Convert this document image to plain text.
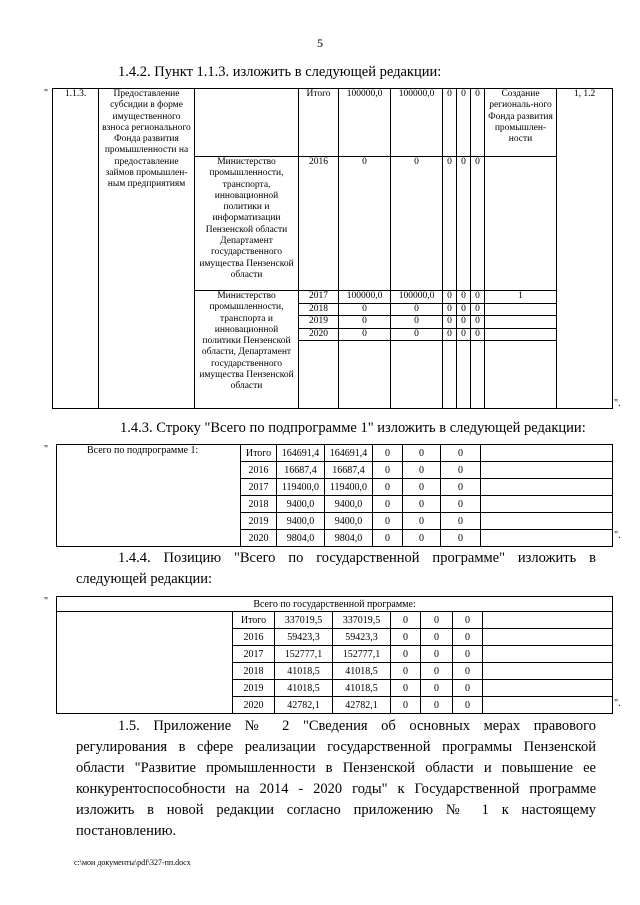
5
1.4.2. Пункт 1.1.3. изложить в следующей редакции:
" 1.1.3.	Предоставление субсидии в форме имущественного взноса регионального Фонда развития промышленности на предоставление займов промышлен-ным предприятиям		Итого	100000,0	100000,0	0	0	0	Создание региональ-ного Фонда развития промышлен-ности	1, 1.2
		Министерство промышленности, транспорта, инновационной политики и информатизации Пензенской области Департамент государственного имущества Пензенской области	2016	0	0	0	0	0		
		Министерство промышленности, транспорта и инновационной политики Пензенской области, Департамент государственного имущества Пензенской области	2017	100000,0	100000,0	0	0	0	1	
			2018	0	0	0	0	0		
			2019	0	0	0	0	0		
			2020	0	0	0	0	0		

".
1.4.3. Строку "Всего по подпрограмме 1" изложить в следующей редакции:
"	Всего по подпрограмме 1:	Итого	164691,4	164691,4	0	0	0	
	2016	16687,4	16687,4	0	0	0	
	2017	119400,0	119400,0	0	0	0	
	2018	9400,0	9400,0	0	0	0	
	2019	9400,0	9400,0	0	0	0	
	2020	9804,0	9804,0	0	0	0		".
1.4.4. Позицию "Всего по государственной программе" изложить в следующей редакции:
"	Всего по государственной программе:							
	Итого	337019,5	337019,5	0	0	0	
	2016	59423,3	59423,3	0	0	0	
	2017	152777,1	152777,1	0	0	0	
	2018	41018,5	41018,5	0	0	0	
	2019	41018,5	41018,5	0	0	0	
	2020	42782,1	42782,1	0	0	0		".
1.5. Приложение № 2 "Сведения об основных мерах правового регулирования в сфере реализации государственной программы Пензенской области "Развитие промышленности в Пензенской области и повышение ее конкурентоспособности на 2014 - 2020 годы" к Государственной программе изложить в новой редакции согласно приложению № 1 к настоящему постановлению.
c:\мои документы\pdf\327-пп.docx
